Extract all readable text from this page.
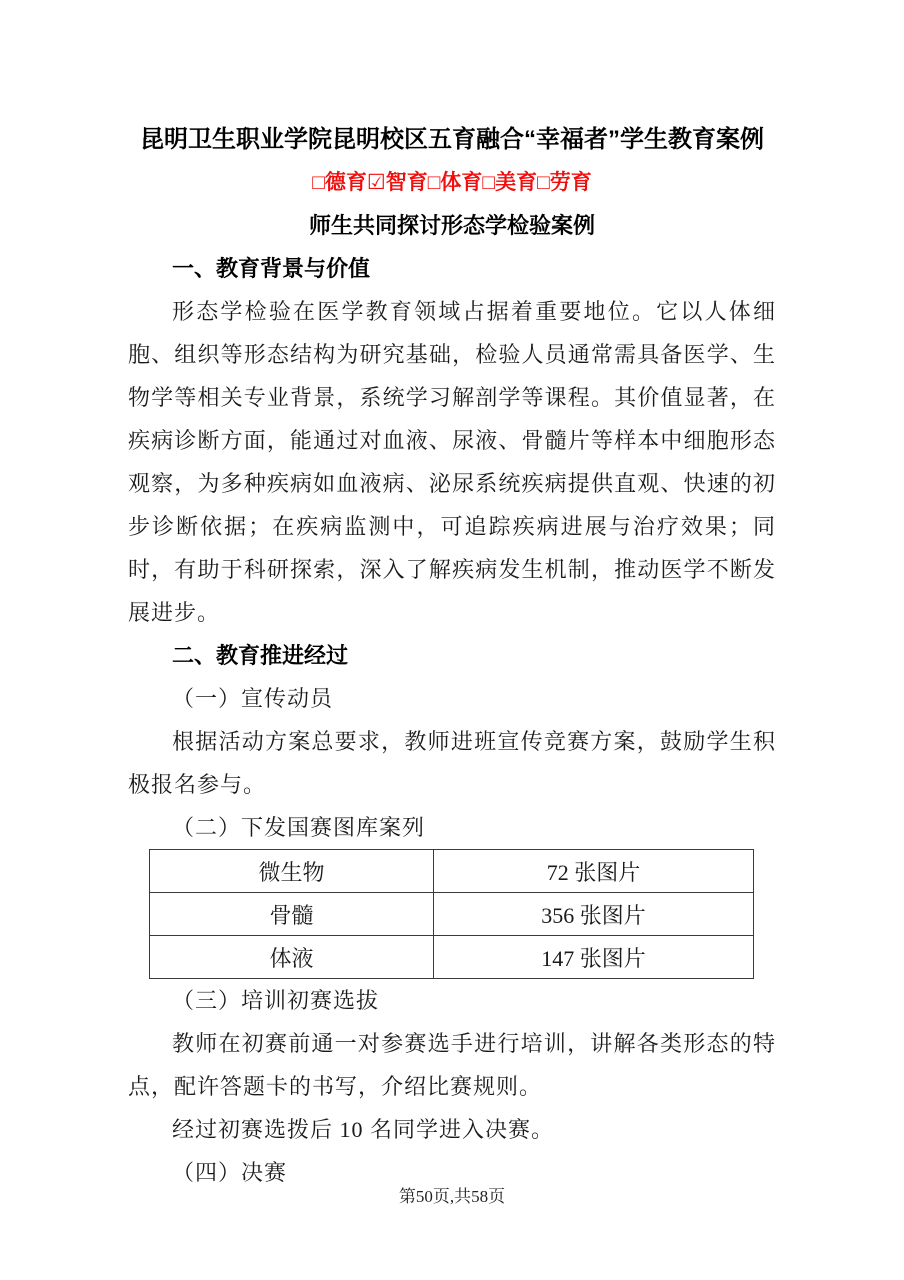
昆明卫生职业学院昆明校区五育融合“幸福者”学生教育案例
□德育☑智育□体育□美育□劳育
师生共同探讨形态学检验案例
一、教育背景与价值

形态学检验在医学教育领域占据着重要地位。它以人体细胞、组织等形态结构为研究基础，检验人员通常需具备医学、生物学等相关专业背景，系统学习解剖学等课程。其价值显著，在疾病诊断方面，能通过对血液、尿液、骨髓片等样本中细胞形态观察，为多种疾病如血液病、泌尿系统疾病提供直观、快速的初步诊断依据；在疾病监测中，可追踪疾病进展与治疗效果；同时，有助于科研探索，深入了解疾病发生机制，推动医学不断发展进步。

二、教育推进经过
（一）宣传动员

根据活动方案总要求，教师进班宣传竞赛方案，鼓励学生积极报名参与。

（二）下发国赛图库案列
微生物	72 张图片
骨髓	356 张图片
体液	147 张图片
（三）培训初赛选拔

教师在初赛前通一对参赛选手进行培训，讲解各类形态的特点，配许答题卡的书写，介绍比赛规则。

经过初赛选拨后 10 名同学进入决赛。

（四）决赛
第50页,共58页
